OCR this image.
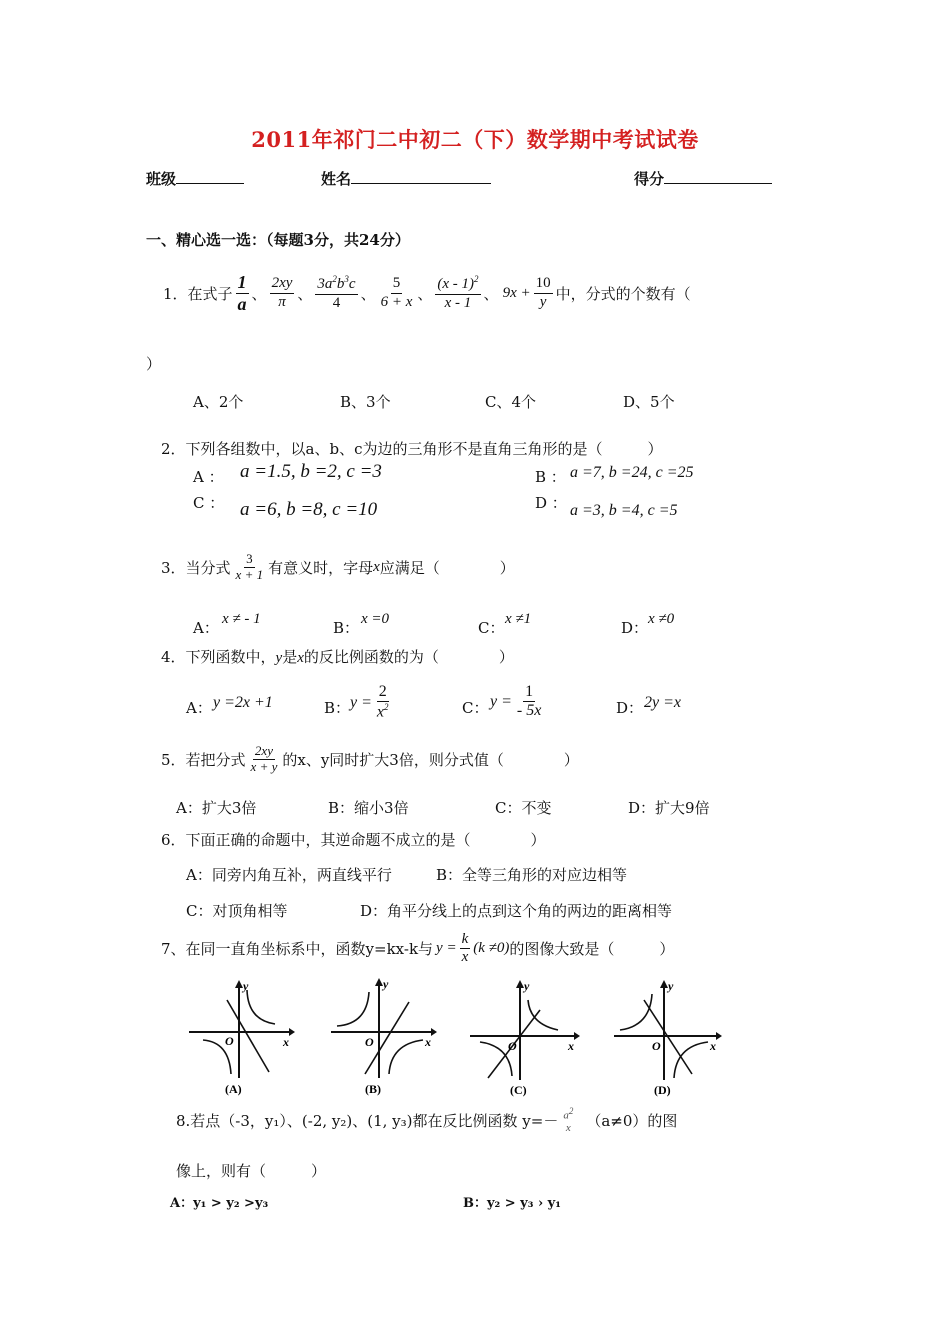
2011年祁门二中初二（下）数学期中考试试卷
班级	姓名	得分
一、精心选一选：（每题3分，共24分）
1．在式子 $\frac{1}{a}$ 、 $\frac{2xy}{\pi}$ 、 $\frac{3a^2b^3c}{4}$ 、 $\frac{5}{6 + x}$ 、 $\frac{(x - 1)^2}{x - 1}$ 、 $9x + \frac{10}{y}$ 中，分式的个数有（
）
A、2个	B、3个	C、4个	D、5个
2．下列各组数中，以a、b、c为边的三角形不是直角三角形的是（　　　）
A ： a =1.5, b =2, c =3	B ： a =7, b =24, c =25
C ： a =6, b =8, c =10	D ： a =3, b =4, c =5
3．当分式 $\frac{3}{x + 1}$ 有意义时，字母 x 应满足（　　　　）
A： x ≠ - 1	B： x =0	C： x ≠1	D： x ≠0
4．下列函数中，y是x的反比例函数的为（　　　　）
A： y =2x +1	B： $y = \frac{2}{x^2}$	C： $y = \frac{1}{- 5x}$	D： 2y =x
5．若把分式 $\frac{2xy}{x + y}$ 的x、y同时扩大3倍，则分式值（　　　　）
A：扩大3倍	B：缩小3倍	C：不变	D：扩大9倍
6．下面正确的命题中，其逆命题不成立的是（　　　　）
A：同旁内角互补，两直线平行	B：全等三角形的对应边相等
C：对顶角相等	D：角平分线上的点到这个角的两边的距离相等
7、在同一直角坐标系中，函数y=kx-k与 $y = \frac{k}{x} (k \ne 0)$ 的图像大致是（　　　）
O	x
y
(A)
O	x
y
(B)
O	x
y
(C)
O	x
y
(D)
8.若点（-3，y₁）、(-2, y₂)、(1, y₃)都在反比例函数 $y=- a^2$
x （a≠0）的图
像上，则有（　　　）
A：y₁ > y₂ >y₃	B：y₂ > y₃ › y₁
